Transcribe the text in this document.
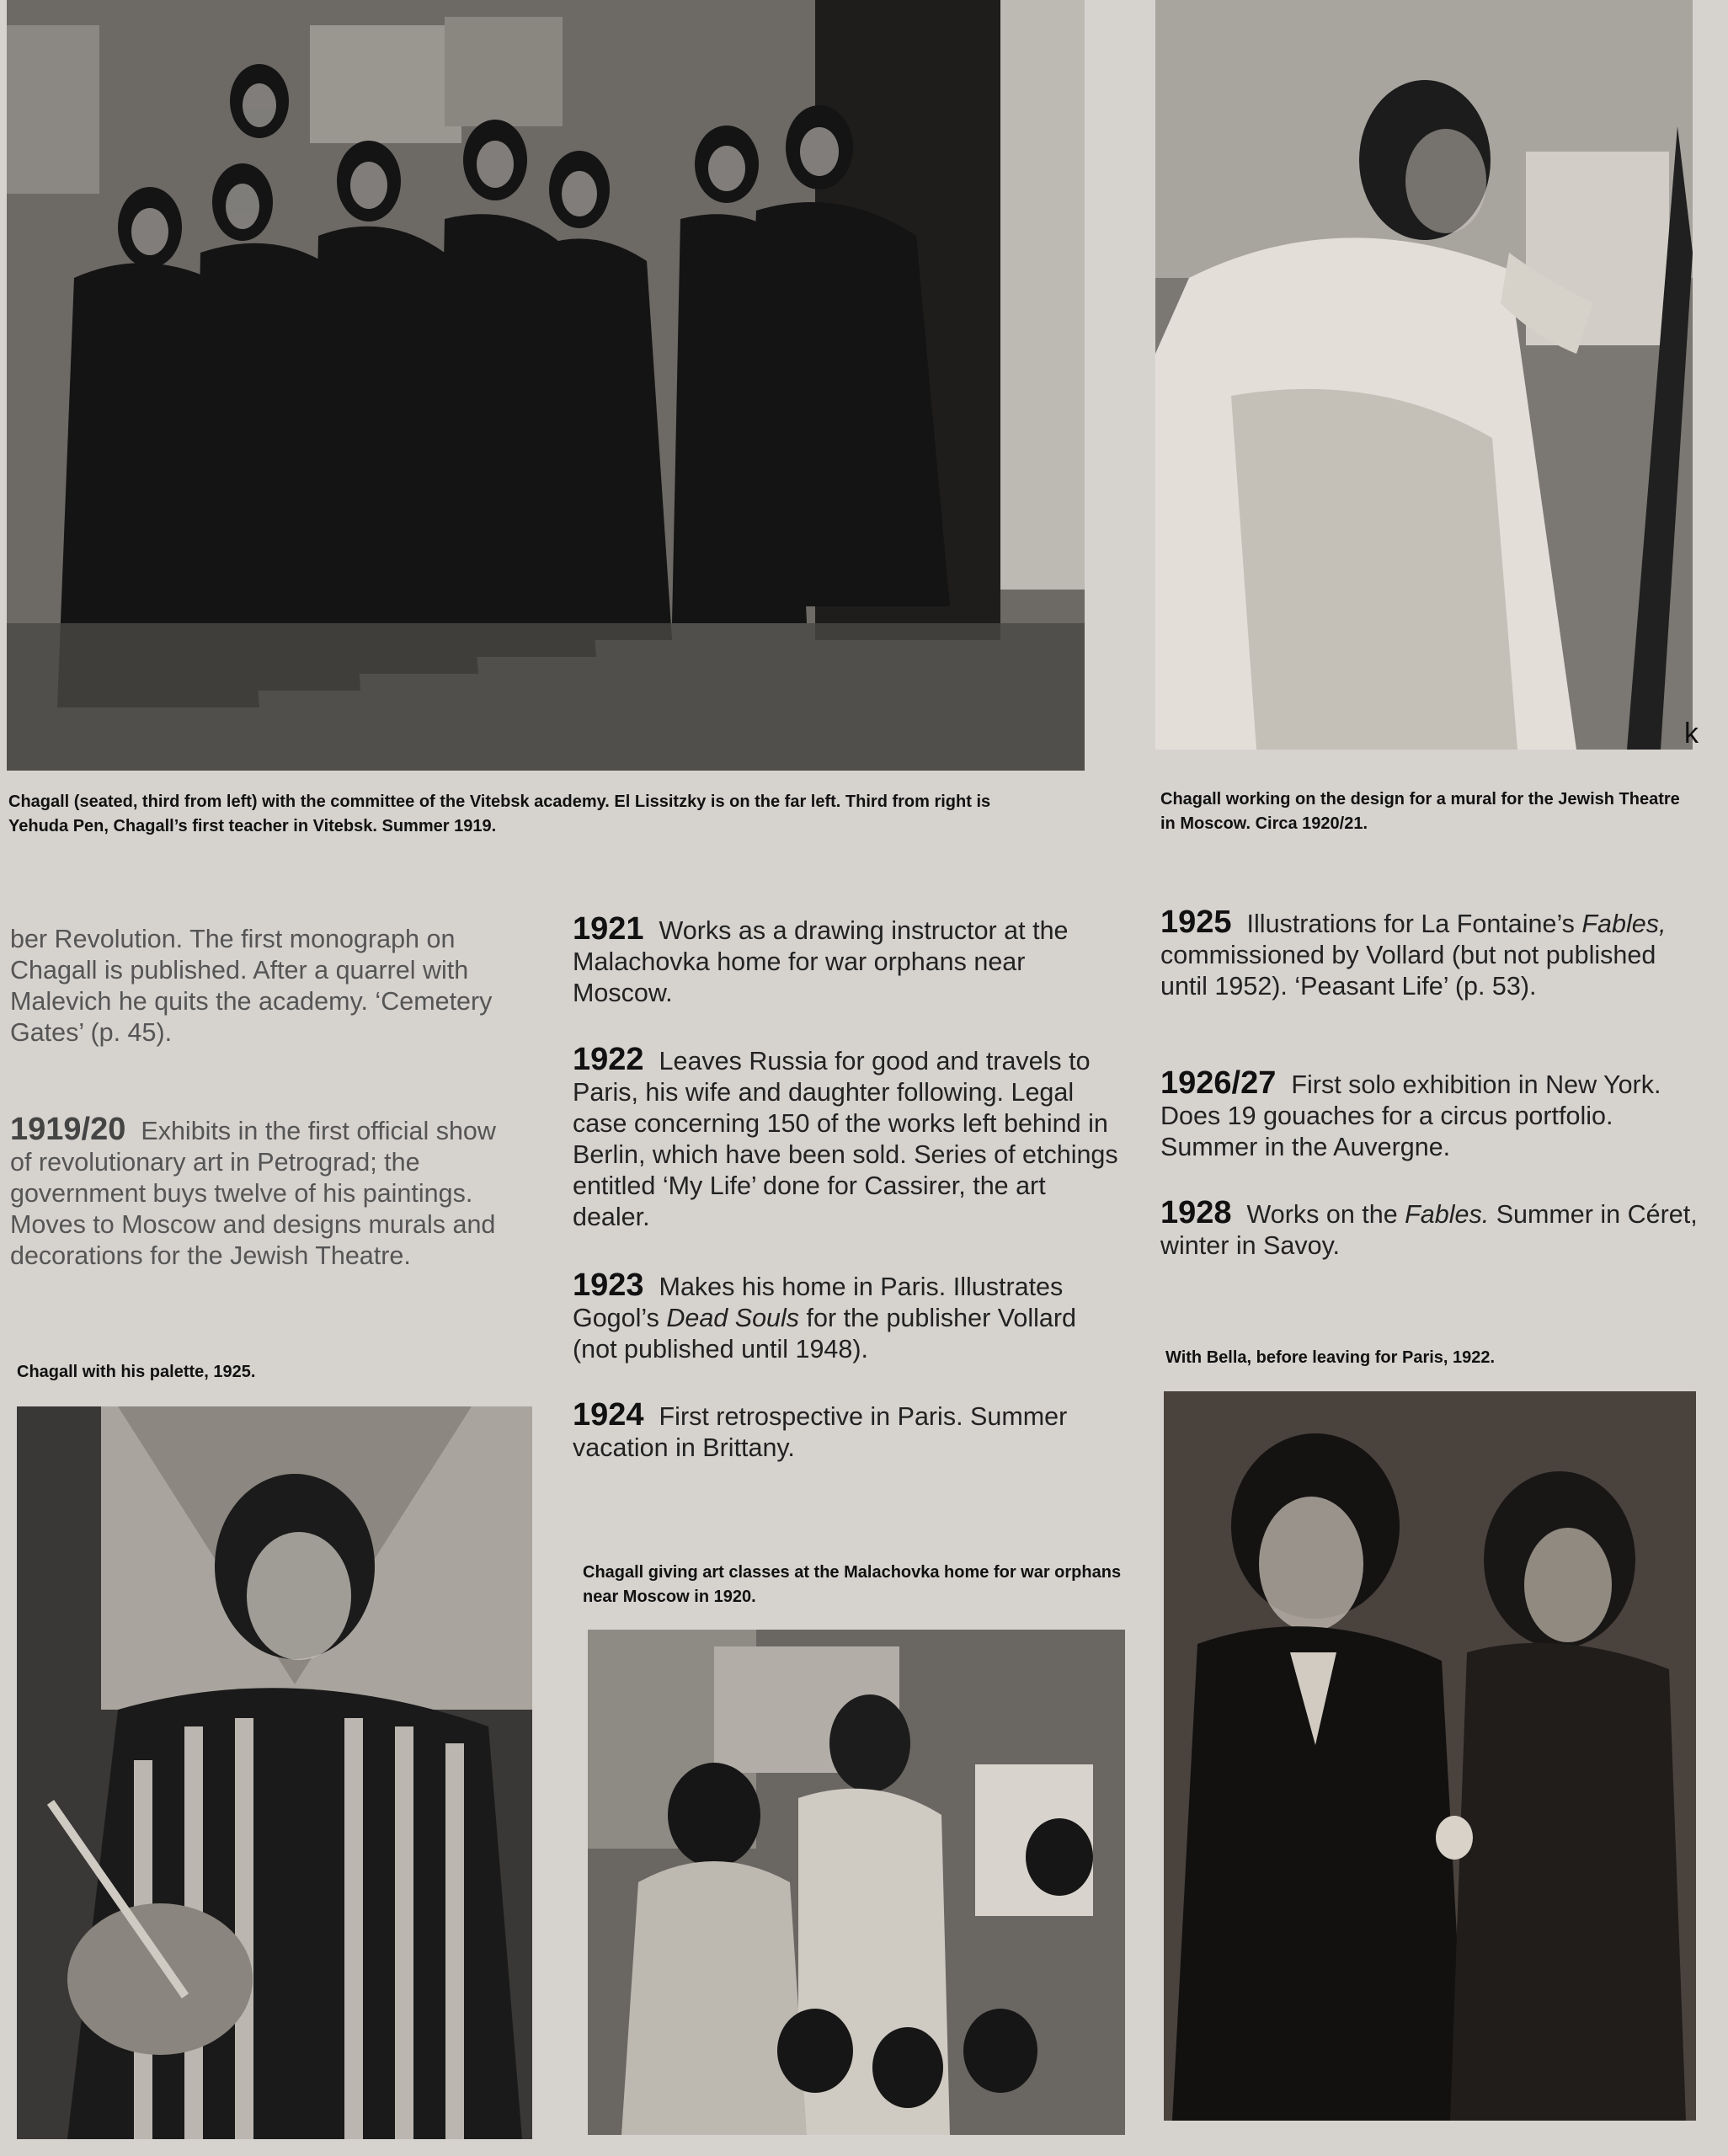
Chagall (seated, third from left) with the committee of the Vitebsk academy. El Lissitzky is on the far left. Third from right is Yehuda Pen, Chagall’s first teacher in Vitebsk. Summer 1919.
Chagall working on the design for a mural for the Jewish Theatre in Moscow. Circa 1920/21.
k
ber Revolution. The first monograph on Chagall is published. After a quarrel with Malevich he quits the academy. ‘Cemetery Gates’ (p. 45).
1919/20 Exhibits in the first official show of revolutionary art in Petrograd; the government buys twelve of his paintings. Moves to Moscow and designs murals and decorations for the Jewish Theatre.
Chagall with his palette, 1925.
1921 Works as a drawing instructor at the Malachovka home for war orphans near Moscow.
1922 Leaves Russia for good and travels to Paris, his wife and daughter following. Legal case concerning 150 of the works left behind in Berlin, which have been sold. Series of etchings entitled ‘My Life’ done for Cassirer, the art dealer.
1923 Makes his home in Paris. Illustrates Gogol’s Dead Souls for the publisher Vollard (not published until 1948).
1924 First retrospective in Paris. Summer vacation in Brittany.
Chagall giving art classes at the Malachovka home for war orphans near Moscow in 1920.
1925 Illustrations for La Fontaine’s Fables, commissioned by Vollard (but not published until 1952). ‘Peasant Life’ (p. 53).
1926/27 First solo exhibition in New York. Does 19 gouaches for a circus portfolio. Summer in the Auvergne.
1928 Works on the Fables. Summer in Céret, winter in Savoy.
With Bella, before leaving for Paris, 1922.
